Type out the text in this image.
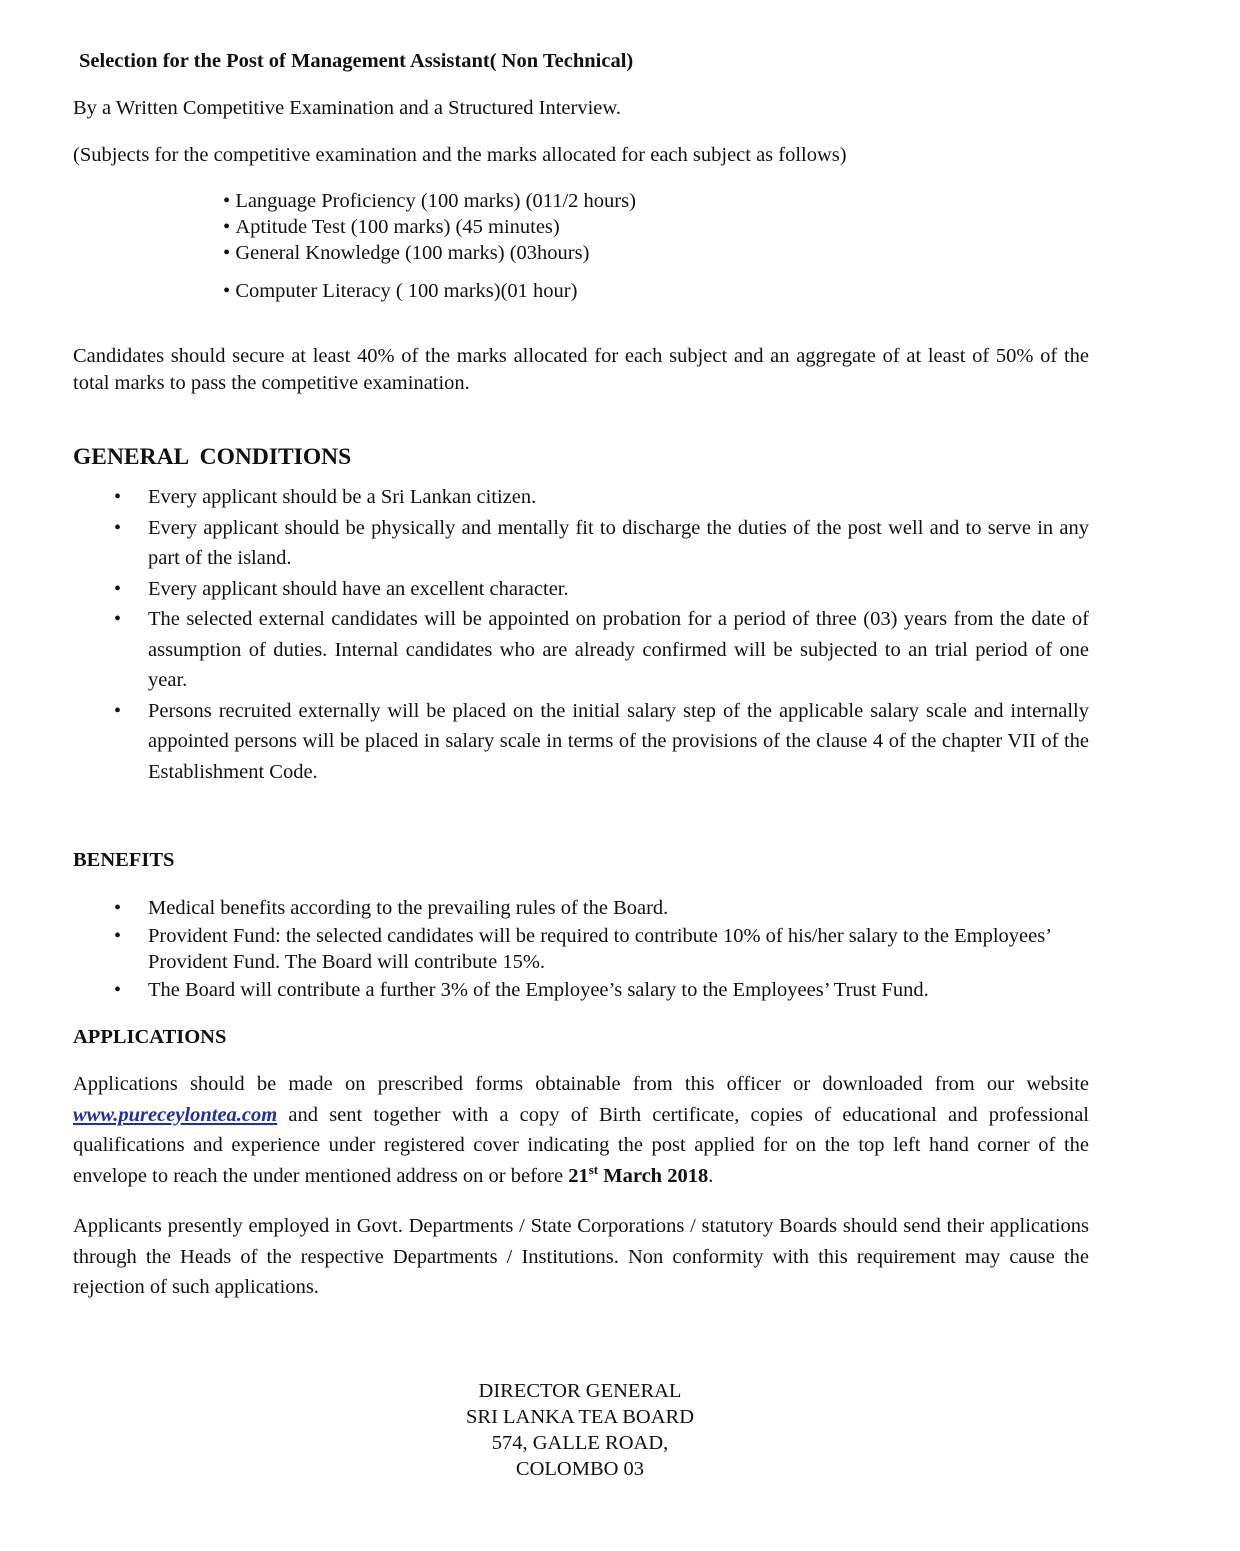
Selection for the Post of Management Assistant( Non Technical)

By a Written Competitive Examination and a Structured Interview.

(Subjects for the competitive examination and the marks allocated for each subject as follows)

• Language Proficiency (100 marks) (011/2 hours)
• Aptitude Test (100 marks) (45 minutes)
• General Knowledge (100 marks) (03hours)
• Computer Literacy ( 100 marks)(01 hour)

Candidates should secure at least 40% of the marks allocated for each subject and an aggregate of at least of 50% of the total marks to pass the competitive examination.

GENERAL  CONDITIONS
• Every applicant should be a Sri Lankan citizen.
• Every applicant should be physically and mentally fit to discharge the duties of the post well and to serve in any part of the island.
• Every applicant should have an excellent character.
• The selected external candidates will be appointed on probation for a period of three (03) years from the date of assumption of duties. Internal candidates who are already confirmed will be subjected to an trial period of one year.
• Persons recruited externally will be placed on the initial salary step of the applicable salary scale and internally appointed persons will be placed in salary scale in terms of the provisions of the clause 4 of the chapter VII of the Establishment Code.
BENEFITS
• Medical benefits according to the prevailing rules of the Board.
• Provident Fund: the selected candidates will be required to contribute 10% of his/her salary to the Employees’ Provident Fund. The Board will contribute 15%.
• The Board will contribute a further 3% of the Employee’s salary to the Employees’ Trust Fund.
APPLICATIONS

Applications should be made on prescribed forms obtainable from this officer or downloaded from our website www.pureceylontea.com and sent together with a copy of Birth certificate, copies of educational and professional qualifications and experience under registered cover indicating the post applied for on the top left hand corner of the envelope to reach the under mentioned address on or before 21st March 2018.

Applicants presently employed in Govt. Departments / State Corporations / statutory Boards should send their applications through the Heads of the respective Departments / Institutions. Non conformity with this requirement may cause the rejection of such applications.

DIRECTOR GENERAL
SRI LANKA TEA BOARD
574, GALLE ROAD,
COLOMBO 03
